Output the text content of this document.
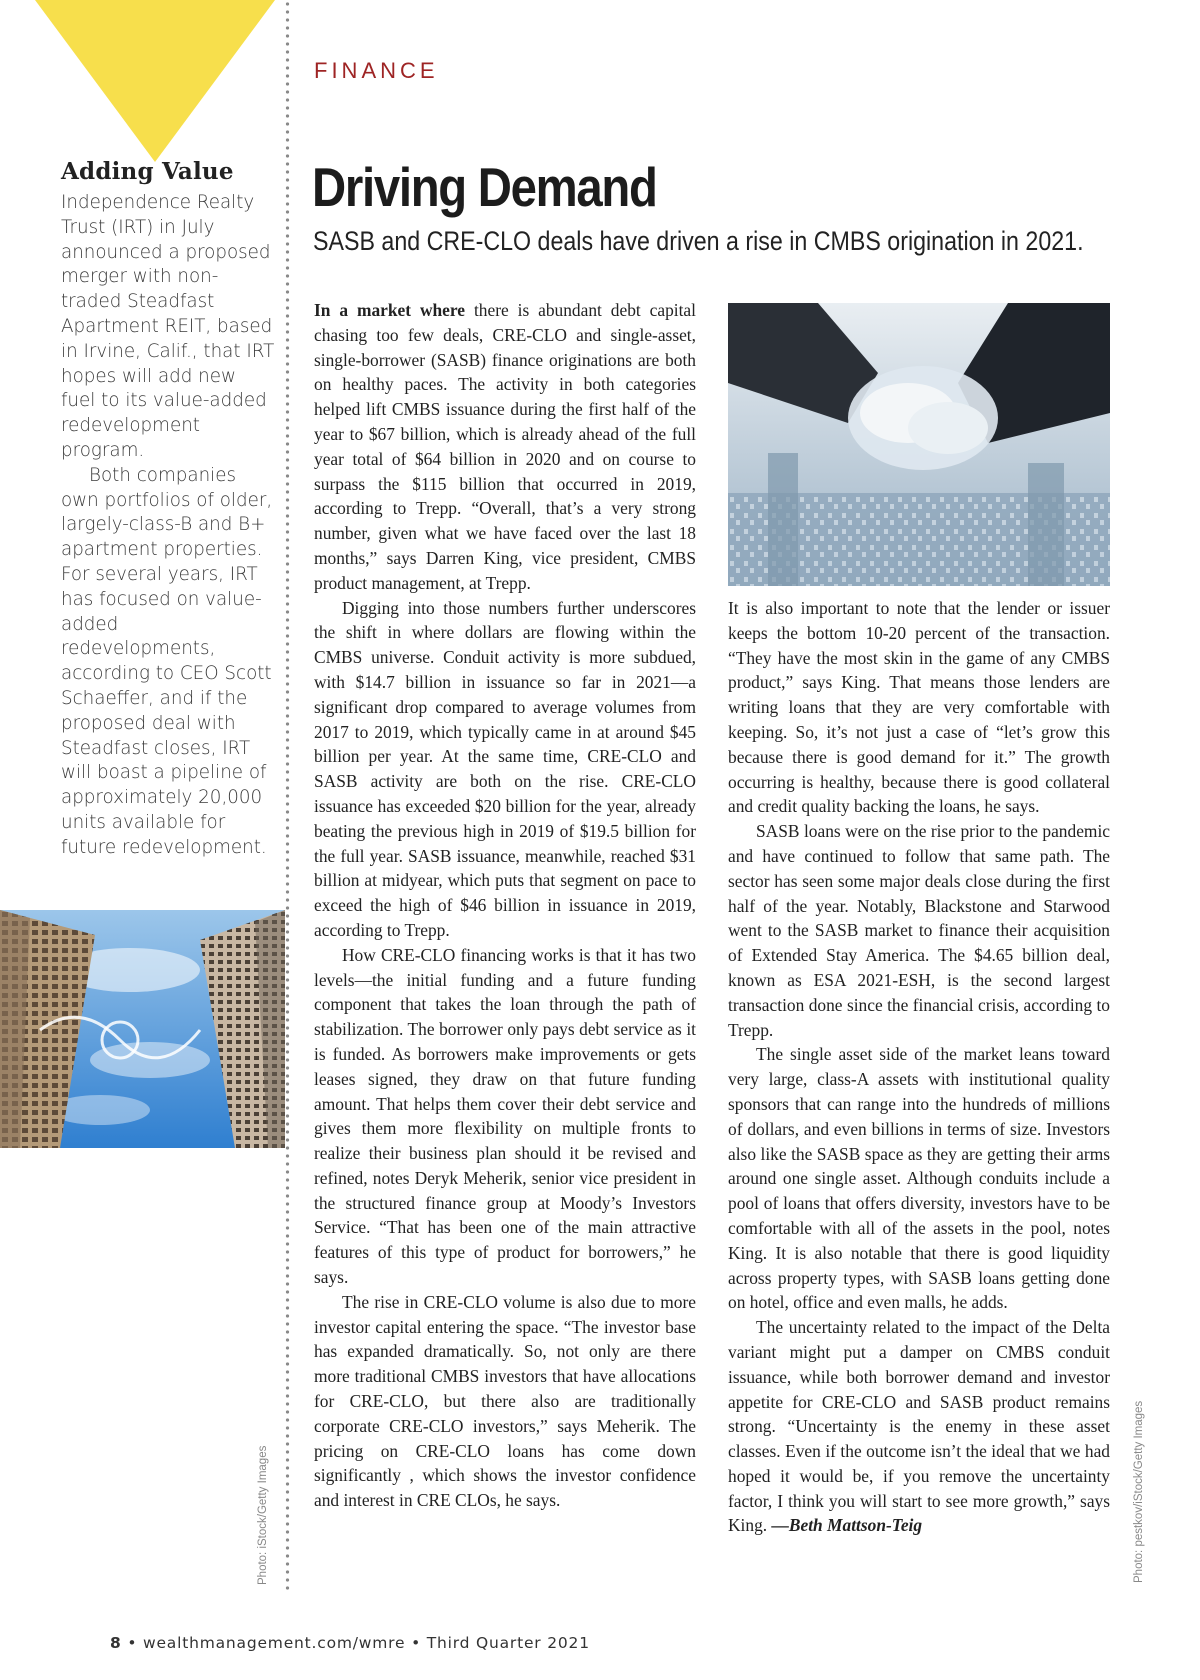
Adding Value

Independence Realty Trust (IRT) in July announced a proposed merger with non-traded Steadfast Apartment REIT, based in Irvine, Calif., that IRT hopes will add new fuel to its value-added redevelopment program.

Both companies own portfolios of older, largely-class-B and B+ apartment properties. For several years, IRT has focused on value-added redevelopments, according to CEO Scott Schaeffer, and if the proposed deal with Steadfast closes, IRT will boast a pipeline of approximately 20,000 units available for future redevelopment.

Photo: iStock/Getty Images
FINANCE
Driving Demand
SASB and CRE-CLO deals have driven a rise in CMBS origination in 2021.

In a market where there is abundant debt capital chasing too few deals, CRE-CLO and single-asset, single-borrower (SASB) finance originations are both on healthy paces. The activity in both categories helped lift CMBS issuance during the first half of the year to $67 billion, which is already ahead of the full year total of $64 billion in 2020 and on course to surpass the $115 billion that occurred in 2019, according to Trepp. “Overall, that’s a very strong number, given what we have faced over the last 18 months,” says Darren King, vice president, CMBS product management, at Trepp.

Digging into those numbers further underscores the shift in where dollars are flowing within the CMBS universe. Conduit activity is more subdued, with $14.7 billion in issuance so far in 2021—a significant drop compared to average volumes from 2017 to 2019, which typically came in at around $45 billion per year. At the same time, CRE-CLO and SASB activity are both on the rise. CRE-CLO issuance has exceeded $20 billion for the year, already beating the previous high in 2019 of $19.5 billion for the full year. SASB issuance, meanwhile, reached $31 billion at midyear, which puts that segment on pace to exceed the high of $46 billion in issuance in 2019, according to Trepp.

How CRE-CLO financing works is that it has two levels—the initial funding and a future funding component that takes the loan through the path of stabilization. The borrower only pays debt service as it is funded. As borrowers make improvements or gets leases signed, they draw on that future funding amount. That helps them cover their debt service and gives them more flexibility on multiple fronts to realize their business plan should it be revised and refined, notes Deryk Meherik, senior vice president in the structured finance group at Moody’s Investors Service. “That has been one of the main attractive features of this type of product for borrowers,” he says.

The rise in CRE-CLO volume is also due to more investor capital entering the space. “The investor base has expanded dramatically. So, not only are there more traditional CMBS investors that have allocations for CRE-CLO, but there also are traditionally corporate CRE-CLO investors,” says Meherik. The pricing on CRE-CLO loans has come down significantly , which shows the investor confidence and interest in CRE CLOs, he says.

It is also important to note that the lender or issuer keeps the bottom 10-20 percent of the transaction. “They have the most skin in the game of any CMBS product,” says King. That means those lenders are writing loans that they are very comfortable with keeping. So, it’s not just a case of “let’s grow this because there is good demand for it.” The growth occurring is healthy, because there is good collateral and credit quality backing the loans, he says.

SASB loans were on the rise prior to the pandemic and have continued to follow that same path. The sector has seen some major deals close during the first half of the year. Notably, Blackstone and Starwood went to the SASB market to finance their acquisition of Extended Stay America. The $4.65 billion deal, known as ESA 2021-ESH, is the second largest transaction done since the financial crisis, according to Trepp.

The single asset side of the market leans toward very large, class-A assets with institutional quality sponsors that can range into the hundreds of millions of dollars, and even billions in terms of size. Investors also like the SASB space as they are getting their arms around one single asset. Although conduits include a pool of loans that offers diversity, investors have to be comfortable with all of the assets in the pool, notes King. It is also notable that there is good liquidity across property types, with SASB loans getting done on hotel, office and even malls, he adds.

The uncertainty related to the impact of the Delta variant might put a damper on CMBS conduit issuance, while both borrower demand and investor appetite for CRE-CLO and SASB product remains strong. “Uncertainty is the enemy in these asset classes. Even if the outcome isn’t the ideal that we had hoped it would be, if you remove the uncertainty factor, I think you will start to see more growth,” says King. —Beth Mattson-Teig	Photo: pestkov/iStock/Getty Images
8 • wealthmanagement.com/wmre • Third Quarter 2021
